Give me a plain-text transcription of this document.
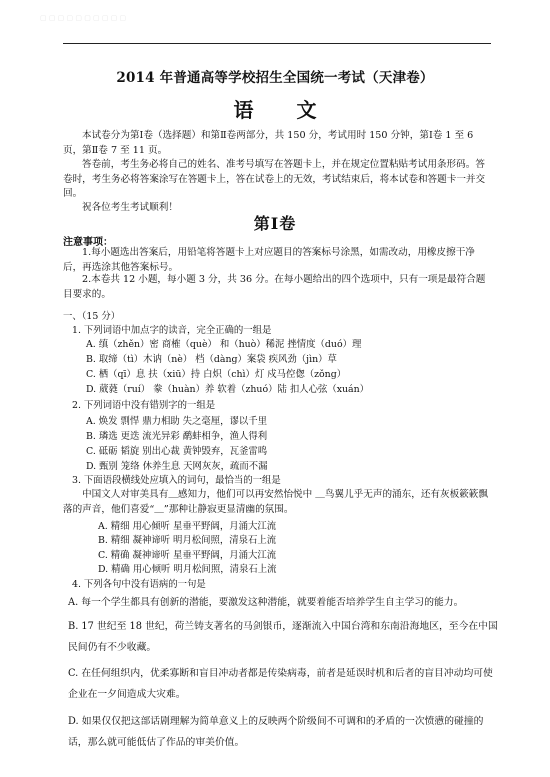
▢ ▢ ▢ ▢ ▢ ▢ ▢ ▢ ▢ ▢
2014 年普通高等学校招生全国统一考试（天津卷）
语 文
本试卷分为第Ⅰ卷（选择题）和第Ⅱ卷两部分，共 150 分，考试用时 150 分钟，第Ⅰ卷 1 至 6 页，第Ⅱ卷 7 至 11 页。
答卷前，考生务必将自己的姓名、准考号填写在答题卡上，并在规定位置粘贴考试用条形码。答卷时，考生务必将答案涂写在答题卡上，答在试卷上的无效，考试结束后，将本试卷和答题卡一并交回。
祝各位考生考试顺利！
第Ⅰ卷
注意事项：
1.每小题选出答案后，用铅笔将答题卡上对应题目的答案标号涂黑，如需改动，用橡皮擦干净后，再选涂其他答案标号。
2.本卷共 12 小题，每小题 3 分，共 36 分。在每小题给出的四个选项中，只有一项是最符合题目要求的。
一、（15 分）
1. 下列词语中加点字的读音，完全正确的一组是
A. 缜（zhěn）密 商榷（què） 和（huò）稀泥 挫情度（duó）理
B. 取缔（tì）木讷（nè） 档（dàng）案袋 疾风劲（jìn）草
C. 栖（qī）息 扶（xiū）持 白炽（chì）灯 戍马倥偬（zǒng）
D. 葳蕤（ruí） 豢（huàn）养 软着（zhuó）陆 扣人心弦（xuán）
2. 下列词语中没有错别字的一组是
A. 焕发 剽悍 鼎力相助 失之毫厘，谬以千里
B. 璘选 更迭 流光异彩 鹬蚌相争，渔人得利
C. 砥砺 韬旋 别出心裁 黄钟毁弃，瓦釜雷鸣
D. 甄别 笼络 休养生息 天网灰灰，疏而不漏
3. 下面语段横线处应填入的词句，最恰当的一组是
中国文人对审美具有＿感知力，他们可以再安然怡悦中 ＿鸟翼儿乎无声的涌东，还有灰板簌簌飘落的声音，他们喜爱“＿”那种让静寂更显清幽的氛围。
A. 精细 用心倾听 星垂平野阔，月涌大江流
B. 精细 凝神谛听 明月松间照，清泉石上流
C. 精确 凝神谛听 星垂平野阔，月涌大江流
D. 精确 用心倾听 明月松间照，清泉石上流
4. 下列各句中没有语病的一句是
A. 每一个学生都具有创新的潜能，要激发这种潜能，就要着能否培养学生自主学习的能力。
B. 17 世纪至 18 世纪，荷兰铸支著名的马剑银币，逐渐流入中国台湾和东南沿海地区，至今在中国民间仍有不少收藏。
C. 在任何组织内，优柔寡断和盲目冲动者都是传染病毒，前者是延误时机和后者的盲目冲动均可使企业在一夕间造成大灾难。
D. 如果仅仅把这部话剧理解为简单意义上的反映两个阶级间不可调和的矛盾的一次愤懑的碰撞的话，那么就可能低估了作品的审美价值。
